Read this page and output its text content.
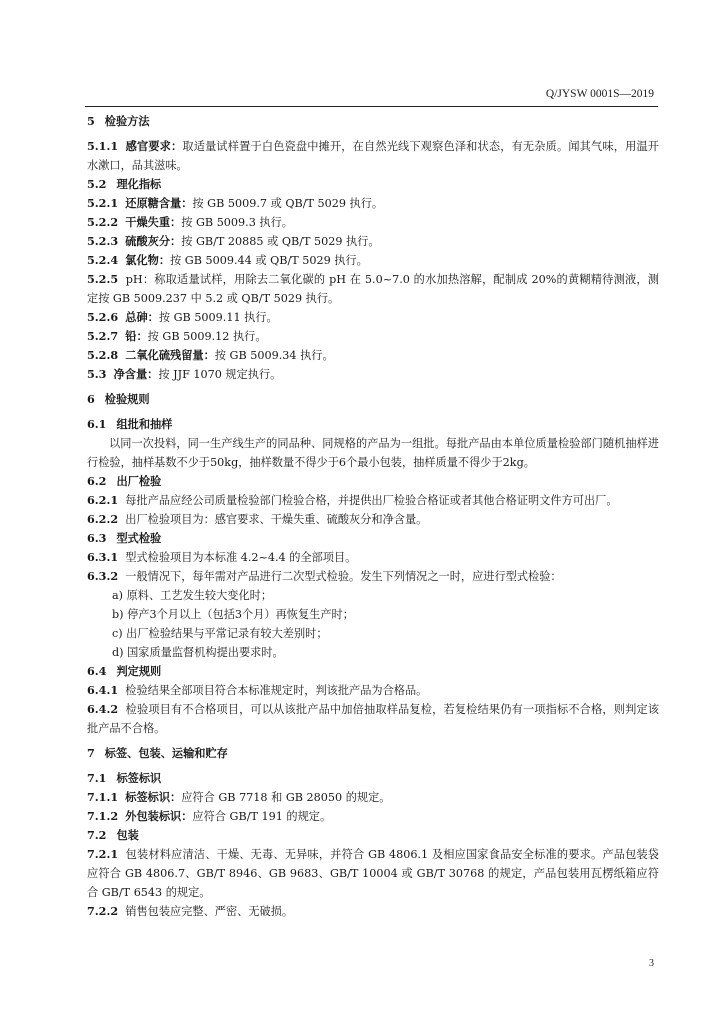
Q/JYSW 0001S—2019
5 检验方法
5.1.1 感官要求：取适量试样置于白色瓷盘中摊开，在自然光线下观察色泽和状态，有无杂质。闻其气味，用温开水漱口，品其滋味。
5.2 理化指标
5.2.1 还原糖含量：按 GB 5009.7 或 QB/T 5029 执行。
5.2.2 干燥失重：按 GB 5009.3 执行。
5.2.3 硫酸灰分：按 GB/T 20885 或 QB/T 5029 执行。
5.2.4 氯化物：按 GB 5009.44 或 QB/T 5029 执行。
5.2.5 pH：称取适量试样，用除去二氧化碳的 pH 在 5.0~7.0 的水加热溶解，配制成 20%的黄糊精待测液，测定按 GB 5009.237 中 5.2 或 QB/T 5029 执行。
5.2.6 总砷：按 GB 5009.11 执行。
5.2.7 铅：按 GB 5009.12 执行。
5.2.8 二氧化硫残留量：按 GB 5009.34 执行。
5.3 净含量：按 JJF 1070 规定执行。
6 检验规则
6.1 组批和抽样
以同一次投料，同一生产线生产的同品种、同规格的产品为一组批。每批产品由本单位质量检验部门随机抽样进行检验，抽样基数不少于50kg，抽样数量不得少于6个最小包装，抽样质量不得少于2kg。
6.2 出厂检验
6.2.1 每批产品应经公司质量检验部门检验合格，并提供出厂检验合格证或者其他合格证明文件方可出厂。
6.2.2 出厂检验项目为：感官要求、干燥失重、硫酸灰分和净含量。
6.3 型式检验
6.3.1 型式检验项目为本标准 4.2~4.4 的全部项目。
6.3.2 一般情况下，每年需对产品进行二次型式检验。发生下列情况之一时，应进行型式检验：
a) 原料、工艺发生较大变化时；
b) 停产3个月以上（包括3个月）再恢复生产时；
c) 出厂检验结果与平常记录有较大差别时；
d) 国家质量监督机构提出要求时。
6.4 判定规则
6.4.1 检验结果全部项目符合本标准规定时，判该批产品为合格品。
6.4.2 检验项目有不合格项目，可以从该批产品中加倍抽取样品复检，若复检结果仍有一项指标不合格，则判定该批产品不合格。
7 标签、包装、运输和贮存
7.1 标签标识
7.1.1 标签标识：应符合 GB 7718 和 GB 28050 的规定。
7.1.2 外包装标识：应符合 GB/T 191 的规定。
7.2 包装
7.2.1 包装材料应清洁、干燥、无毒、无异味，并符合 GB 4806.1 及相应国家食品安全标准的要求。产品包装袋应符合 GB 4806.7、GB/T 8946、GB 9683、GB/T 10004 或 GB/T 30768 的规定，产品包装用瓦楞纸箱应符合 GB/T 6543 的规定。
7.2.2 销售包装应完整、严密、无破损。
3
